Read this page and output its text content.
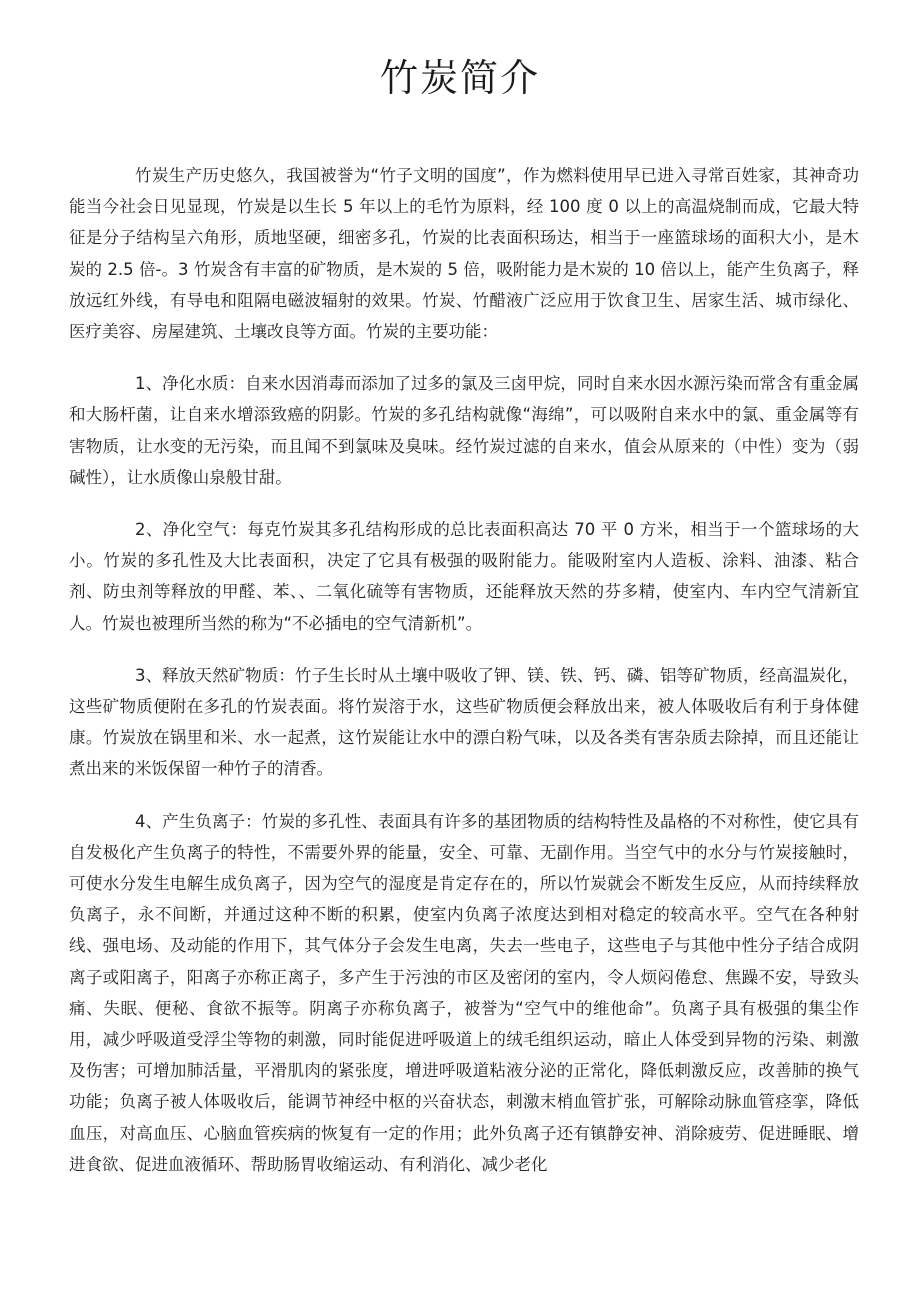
竹炭简介

竹炭生产历史悠久，我国被誉为“竹子文明的国度”，作为燃料使用早已进入寻常百姓家，其神奇功能当今社会日见显现，竹炭是以生长 5 年以上的毛竹为原料，经 100 度 0 以上的高温烧制而成，它最大特征是分子结构呈六角形，质地坚硬，细密多孔，竹炭的比表面积玚达，相当于一座篮球场的面积大小，是木炭的 2.5 倍-。3 竹炭含有丰富的矿物质，是木炭的 5 倍，吸附能力是木炭的 10 倍以上，能产生负离子，释放远红外线，有导电和阻隔电磁波辐射的效果。竹炭、竹醋液广泛应用于饮食卫生、居家生活、城市绿化、医疗美容、房屋建筑、土壤改良等方面。竹炭的主要功能：

1、净化水质：自来水因消毒而添加了过多的氯及三卤甲烷，同时自来水因水源污染而常含有重金属和大肠杆菌，让自来水增添致癌的阴影。竹炭的多孔结构就像“海绵”，可以吸附自来水中的氯、重金属等有害物质，让水变的无污染，而且闻不到氯味及臭味。经竹炭过滤的自来水，值会从原来的（中性）变为（弱碱性），让水质像山泉般甘甜。

2、净化空气：每克竹炭其多孔结构形成的总比表面积高达 70 平 0 方米，相当于一个篮球场的大小。竹炭的多孔性及大比表面积，决定了它具有极强的吸附能力。能吸附室内人造板、涂料、油漆、粘合剂、防虫剂等释放的甲醛、苯、、二氧化硫等有害物质，还能释放天然的芬多精，使室内、车内空气清新宜人。竹炭也被理所当然的称为“不必插电的空气清新机”。

3、释放天然矿物质：竹子生长时从土壤中吸收了钾、镁、铁、钙、磷、铝等矿物质，经高温炭化，这些矿物质便附在多孔的竹炭表面。将竹炭溶于水，这些矿物质便会释放出来，被人体吸收后有利于身体健康。竹炭放在锅里和米、水一起煮，这竹炭能让水中的漂白粉气味，以及各类有害杂质去除掉，而且还能让煮出来的米饭保留一种竹子的清香。

4、产生负离子：竹炭的多孔性、表面具有许多的基团物质的结构特性及晶格的不对称性，使它具有自发极化产生负离子的特性，不需要外界的能量，安全、可靠、无副作用。当空气中的水分与竹炭接触时，可使水分发生电解生成负离子，因为空气的湿度是肯定存在的，所以竹炭就会不断发生反应，从而持续释放负离子，永不间断，并通过这种不断的积累，使室内负离子浓度达到相对稳定的较高水平。空气在各种射线、强电场、及动能的作用下，其气体分子会发生电离，失去一些电子，这些电子与其他中性分子结合成阴离子或阳离子，阳离子亦称正离子，多产生于污浊的市区及密闭的室内，令人烦闷倦怠、焦躁不安，导致头痛、失眠、便秘、食欲不振等。阴离子亦称负离子，被誉为“空气中的维他命”。负离子具有极强的集尘作用，减少呼吸道受浮尘等物的刺激，同时能促进呼吸道上的绒毛组织运动，暗止人体受到异物的污染、刺激及伤害；可增加肺活量，平滑肌肉的紧张度，增进呼吸道粘液分泌的正常化，降低刺激反应，改善肺的换气功能；负离子被人体吸收后，能调节神经中枢的兴奋状态，刺激末梢血管扩张，可解除动脉血管痉挛，降低血压，对高血压、心脑血管疾病的恢复有一定的作用；此外负离子还有镇静安神、消除疲劳、促进睡眠、增进食欲、促进血液循环、帮助肠胃收缩运动、有利消化、减少老化
